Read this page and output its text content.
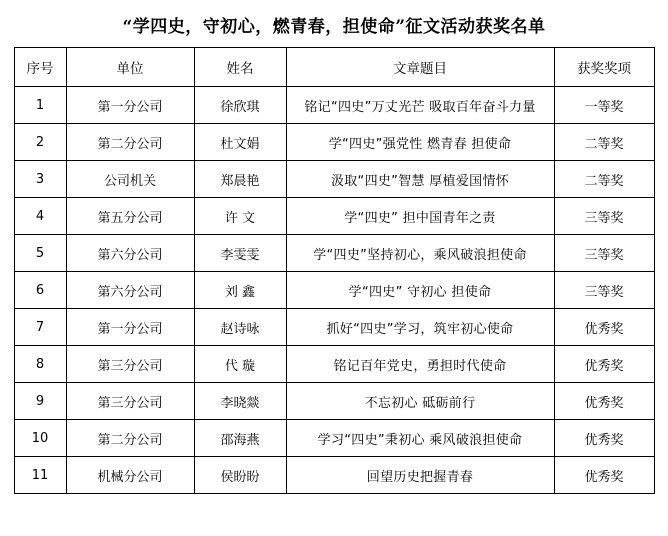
“学四史，守初心，燃青春，担使命”征文活动获奖名单
序号	单位	姓名	文章题目	获奖奖项
1	第一分公司	徐欣琪	铭记“四史”万丈光芒 吸取百年奋斗力量	一等奖
2	第二分公司	杜文娟	学“四史”强党性 燃青春 担使命	二等奖
3	公司机关	郑晨艳	汲取“四史”智慧 厚植爱国情怀	二等奖
4	第五分公司	许 文	学“四史” 担中国青年之责	三等奖
5	第六分公司	李雯雯	学“四史”坚持初心，乘风破浪担使命	三等奖
6	第六分公司	刘 鑫	学“四史” 守初心 担使命	三等奖
7	第一分公司	赵诗咏	抓好“四史”学习，筑牢初心使命	优秀奖
8	第三分公司	代 璇	铭记百年党史，勇担时代使命	优秀奖
9	第三分公司	李晓燚	不忘初心 砥砺前行	优秀奖
10	第二分公司	邵海燕	学习“四史”秉初心 乘风破浪担使命	优秀奖
11	机械分公司	侯盼盼	回望历史把握青春	优秀奖
